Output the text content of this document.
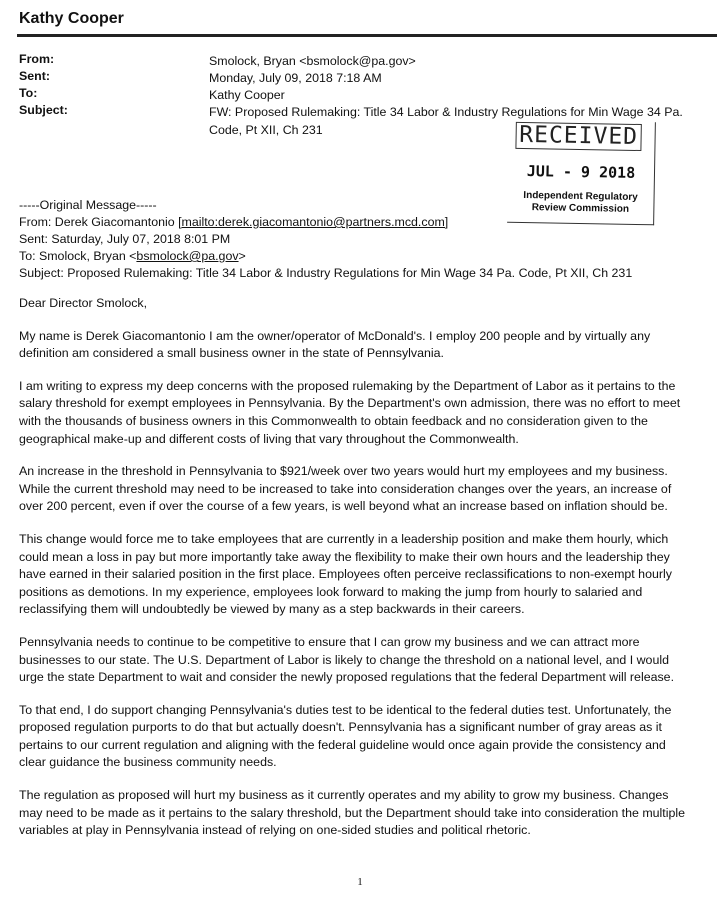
Kathy Cooper
From:	Smolock, Bryan <bsmolock@pa.gov>
Sent:	Monday, July 09, 2018 7:18 AM
To:	Kathy Cooper
Subject:	FW: Proposed Rulemaking: Title 34 Labor & Industry Regulations for Min Wage 34 Pa. Code, Pt XII, Ch 231	RECEIVED
JUL - 9 2018
Independent Regulatory
Review Commission
-----Original Message-----
From: Derek Giacomantonio [mailto:derek.giacomantonio@partners.mcd.com]
Sent: Saturday, July 07, 2018 8:01 PM
To: Smolock, Bryan <bsmolock@pa.gov>
Subject: Proposed Rulemaking: Title 34 Labor & Industry Regulations for Min Wage 34 Pa. Code, Pt XII, Ch 231

Dear Director Smolock,

My name is Derek Giacomantonio I am the owner/operator of McDonald's. I employ 200 people and by virtually any definition am considered a small business owner in the state of Pennsylvania.

I am writing to express my deep concerns with the proposed rulemaking by the Department of Labor as it pertains to the salary threshold for exempt employees in Pennsylvania. By the Department's own admission, there was no effort to meet with the thousands of business owners in this Commonwealth to obtain feedback and no consideration given to the geographical make-up and different costs of living that vary throughout the Commonwealth.

An increase in the threshold in Pennsylvania to $921/week over two years would hurt my employees and my business. While the current threshold may need to be increased to take into consideration changes over the years, an increase of over 200 percent, even if over the course of a few years, is well beyond what an increase based on inflation should be.

This change would force me to take employees that are currently in a leadership position and make them hourly, which could mean a loss in pay but more importantly take away the flexibility to make their own hours and the leadership they have earned in their salaried position in the first place. Employees often perceive reclassifications to non-exempt hourly positions as demotions. In my experience, employees look forward to making the jump from hourly to salaried and reclassifying them will undoubtedly be viewed by many as a step backwards in their careers.

Pennsylvania needs to continue to be competitive to ensure that I can grow my business and we can attract more businesses to our state. The U.S. Department of Labor is likely to change the threshold on a national level, and I would urge the state Department to wait and consider the newly proposed regulations that the federal Department will release.

To that end, I do support changing Pennsylvania's duties test to be identical to the federal duties test. Unfortunately, the proposed regulation purports to do that but actually doesn't. Pennsylvania has a significant number of gray areas as it pertains to our current regulation and aligning with the federal guideline would once again provide the consistency and clear guidance the business community needs.

The regulation as proposed will hurt my business as it currently operates and my ability to grow my business. Changes may need to be made as it pertains to the salary threshold, but the Department should take into consideration the multiple variables at play in Pennsylvania instead of relying on one-sided studies and political rhetoric.

1
